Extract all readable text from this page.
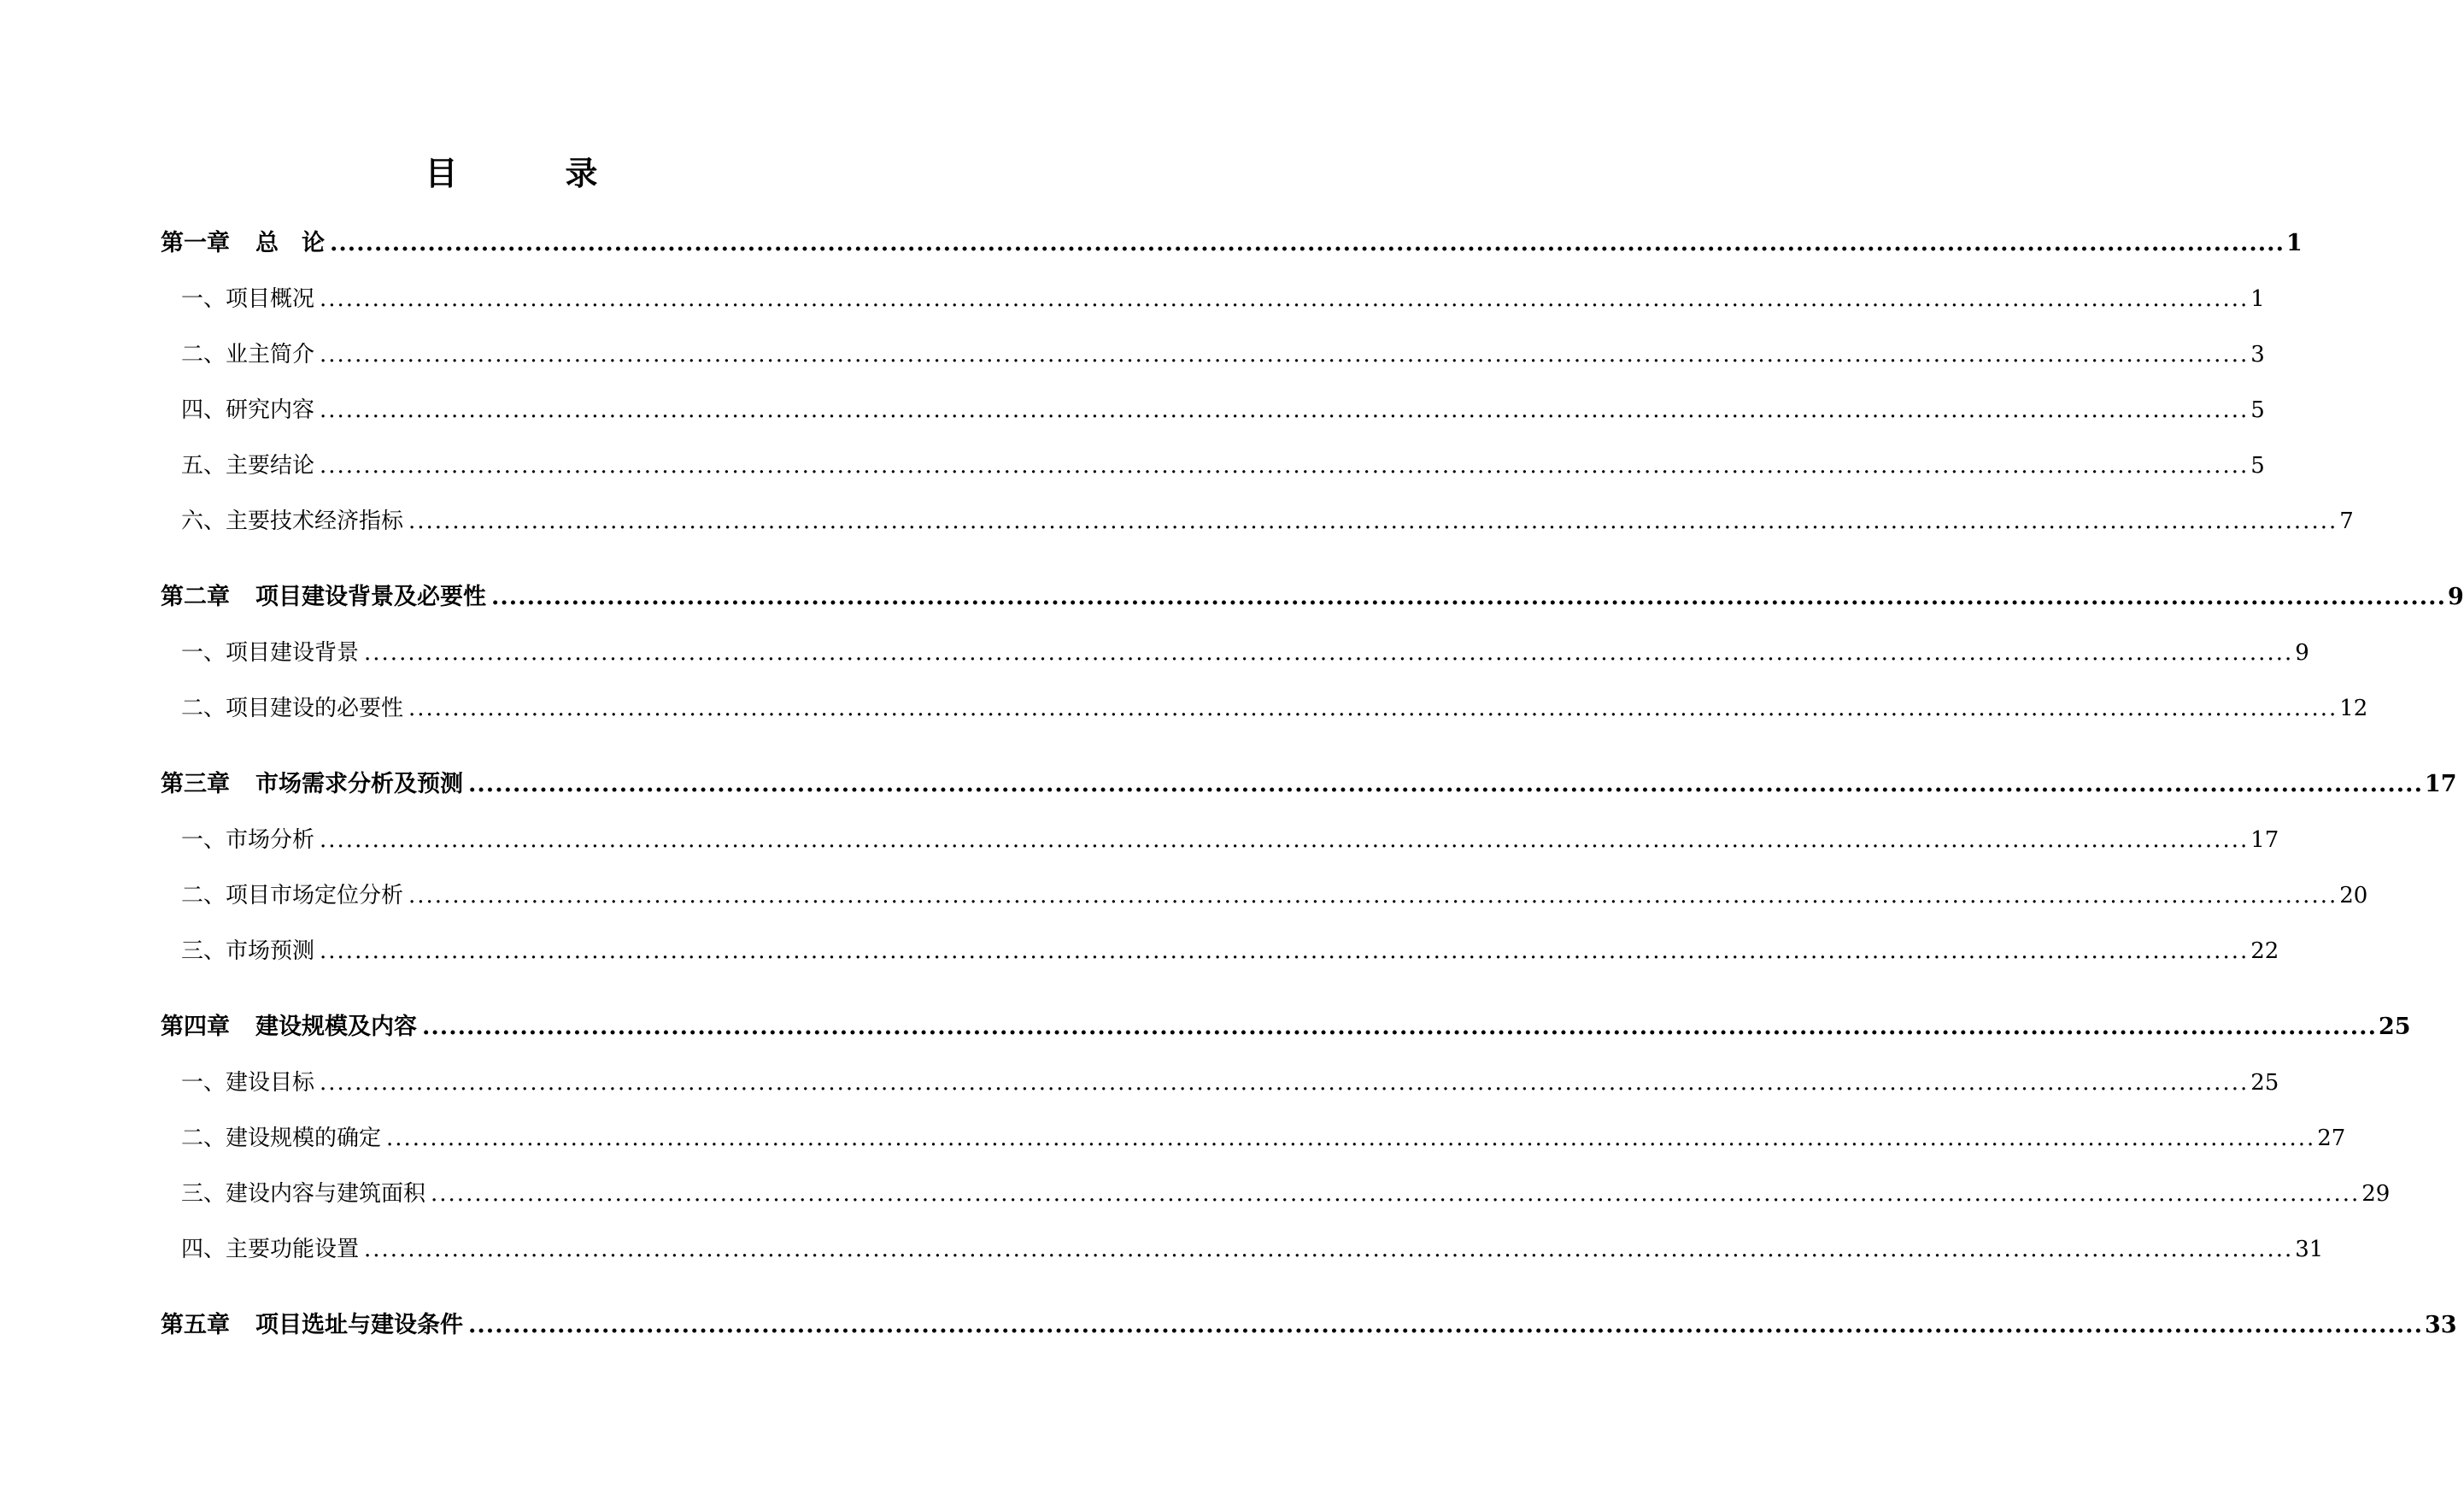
目　录
第一章 总　论 ............................................................................................................................................................................................................................ 1
一、项目概况 ............................................................................................................................................................................................................................ 1
二、业主简介 ............................................................................................................................................................................................................................ 3
四、研究内容 ............................................................................................................................................................................................................................ 5
五、主要结论 ............................................................................................................................................................................................................................ 5
六、主要技术经济指标 ............................................................................................................................................................................................................................ 7
第二章 项目建设背景及必要性 ............................................................................................................................................................................................................................ 9
一、项目建设背景 ............................................................................................................................................................................................................................ 9
二、项目建设的必要性 ............................................................................................................................................................................................................................ 12
第三章 市场需求分析及预测 ............................................................................................................................................................................................................................ 17
一、市场分析 ............................................................................................................................................................................................................................ 17
二、项目市场定位分析 ............................................................................................................................................................................................................................ 20
三、市场预测 ............................................................................................................................................................................................................................ 22
第四章 建设规模及内容 ............................................................................................................................................................................................................................ 25
一、建设目标 ............................................................................................................................................................................................................................ 25
二、建设规模的确定 ............................................................................................................................................................................................................................ 27
三、建设内容与建筑面积 ............................................................................................................................................................................................................................ 29
四、主要功能设置 ............................................................................................................................................................................................................................ 31
第五章 项目选址与建设条件 ............................................................................................................................................................................................................................ 33
